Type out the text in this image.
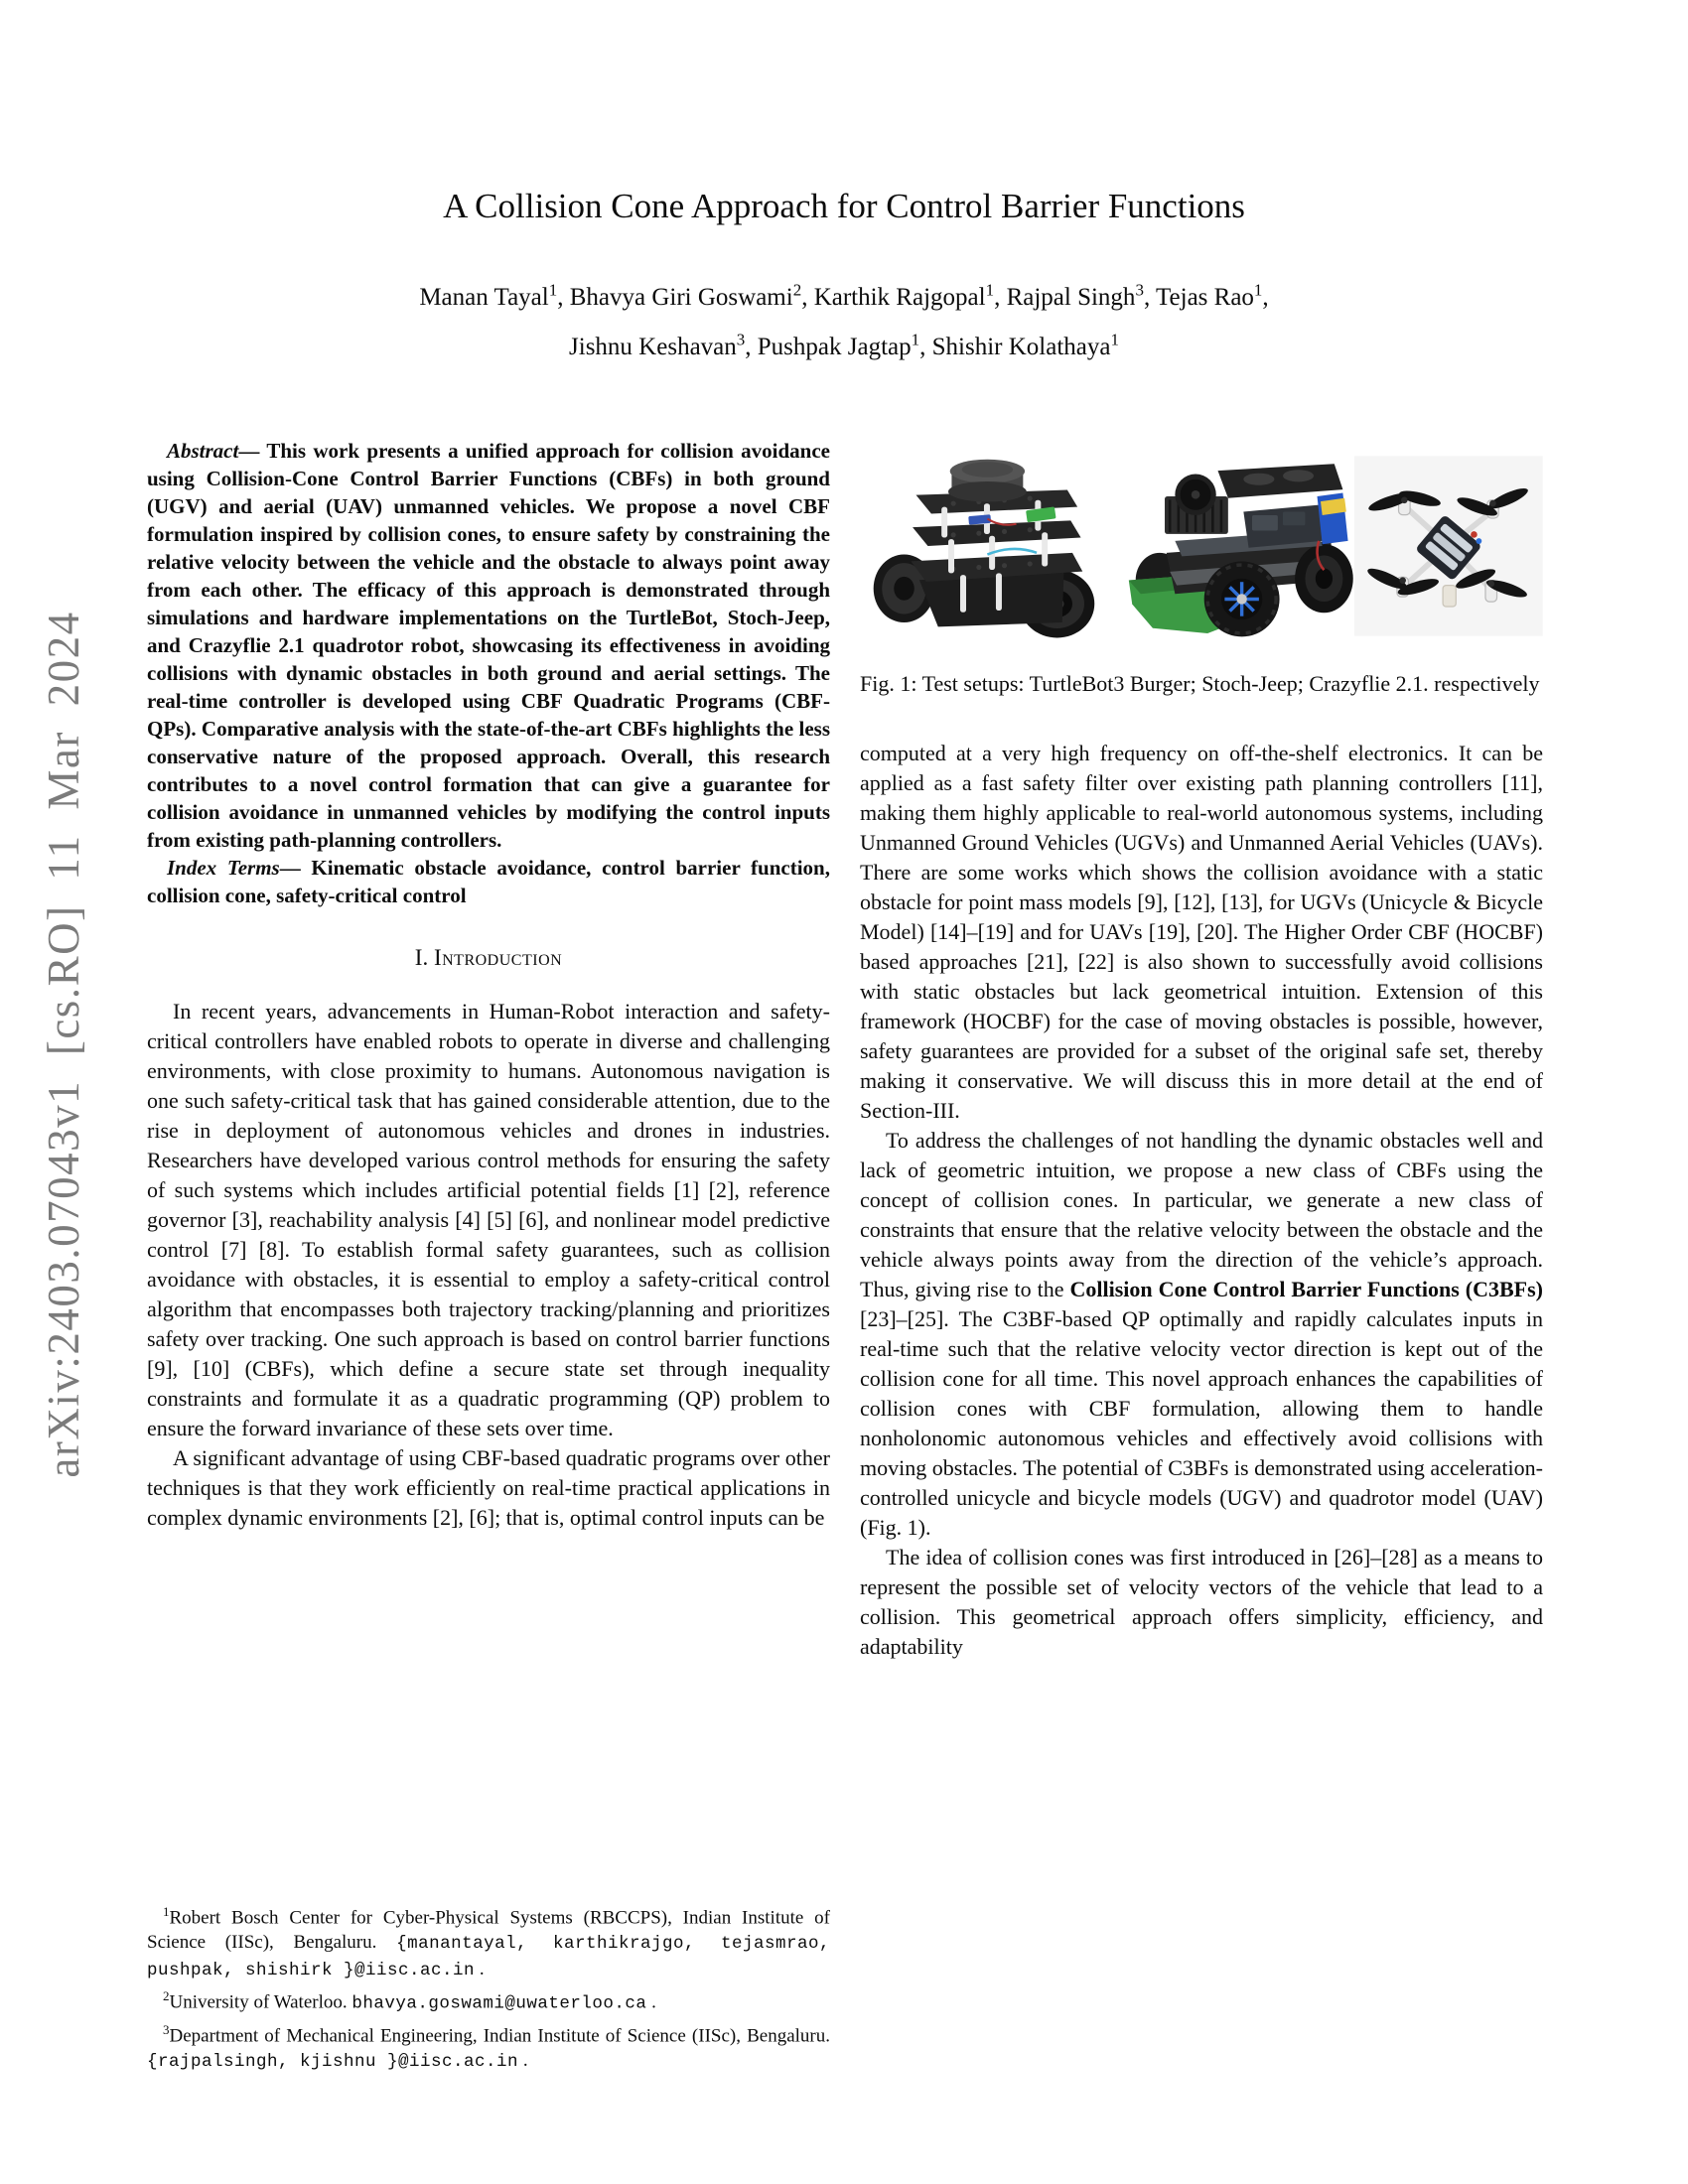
arXiv:2403.07043v1 [cs.RO] 11 Mar 2024
A Collision Cone Approach for Control Barrier Functions
Manan Tayal$^1$, Bhavya Giri Goswami$^2$, Karthik Rajgopal$^1$, Rajpal Singh$^3$, Tejas Rao$^1$,
Jishnu Keshavan$^3$, Pushpak Jagtap$^1$, Shishir Kolathaya$^1$

Abstract— This work presents a unified approach for collision avoidance using Collision-Cone Control Barrier Functions (CBFs) in both ground (UGV) and aerial (UAV) unmanned vehicles. We propose a novel CBF formulation inspired by collision cones, to ensure safety by constraining the relative velocity between the vehicle and the obstacle to always point away from each other. The efficacy of this approach is demonstrated through simulations and hardware implementations on the TurtleBot, Stoch-Jeep, and Crazyflie 2.1 quadrotor robot, showcasing its effectiveness in avoiding collisions with dynamic obstacles in both ground and aerial settings. The real-time controller is developed using CBF Quadratic Programs (CBF-QPs). Comparative analysis with the state-of-the-art CBFs highlights the less conservative nature of the proposed approach. Overall, this research contributes to a novel control formation that can give a guarantee for collision avoidance in unmanned vehicles by modifying the control inputs from existing path-planning controllers.

Index Terms— Kinematic obstacle avoidance, control barrier function, collision cone, safety-critical control

I. Introduction

In recent years, advancements in Human-Robot interaction and safety-critical controllers have enabled robots to operate in diverse and challenging environments, with close proximity to humans. Autonomous navigation is one such safety-critical task that has gained considerable attention, due to the rise in deployment of autonomous vehicles and drones in industries. Researchers have developed various control methods for ensuring the safety of such systems which includes artificial potential fields [1] [2], reference governor [3], reachability analysis [4] [5] [6], and nonlinear model predictive control [7] [8]. To establish formal safety guarantees, such as collision avoidance with obstacles, it is essential to employ a safety-critical control algorithm that encompasses both trajectory tracking/planning and prioritizes safety over tracking. One such approach is based on control barrier functions [9], [10] (CBFs), which define a secure state set through inequality constraints and formulate it as a quadratic programming (QP) problem to ensure the forward invariance of these sets over time.

A significant advantage of using CBF-based quadratic programs over other techniques is that they work efficiently on real-time practical applications in complex dynamic environments [2], [6]; that is, optimal control inputs can be

$^1$Robert Bosch Center for Cyber-Physical Systems (RBCCPS), Indian Institute of Science (IISc), Bengaluru. {manantayal, karthikrajgo, tejasmrao, pushpak, shishirk }@iisc.ac.in .

$^2$University of Waterloo. bhavya.goswami@uwaterloo.ca .

$^3$Department of Mechanical Engineering, Indian Institute of Science (IISc), Bengaluru. {rajpalsingh, kjishnu }@iisc.ac.in .

Fig. 1: Test setups: TurtleBot3 Burger; Stoch-Jeep; Crazyflie 2.1. respectively

computed at a very high frequency on off-the-shelf electronics. It can be applied as a fast safety filter over existing path planning controllers [11], making them highly applicable to real-world autonomous systems, including Unmanned Ground Vehicles (UGVs) and Unmanned Aerial Vehicles (UAVs). There are some works which shows the collision avoidance with a static obstacle for point mass models [9], [12], [13], for UGVs (Unicycle & Bicycle Model) [14]–[19] and for UAVs [19], [20]. The Higher Order CBF (HOCBF) based approaches [21], [22] is also shown to successfully avoid collisions with static obstacles but lack geometrical intuition. Extension of this framework (HOCBF) for the case of moving obstacles is possible, however, safety guarantees are provided for a subset of the original safe set, thereby making it conservative. We will discuss this in more detail at the end of Section-III.

To address the challenges of not handling the dynamic obstacles well and lack of geometric intuition, we propose a new class of CBFs using the concept of collision cones. In particular, we generate a new class of constraints that ensure that the relative velocity between the obstacle and the vehicle always points away from the direction of the vehicle’s approach. Thus, giving rise to the Collision Cone Control Barrier Functions (C3BFs) [23]–[25]. The C3BF-based QP optimally and rapidly calculates inputs in real-time such that the relative velocity vector direction is kept out of the collision cone for all time. This novel approach enhances the capabilities of collision cones with CBF formulation, allowing them to handle nonholonomic autonomous vehicles and effectively avoid collisions with moving obstacles. The potential of C3BFs is demonstrated using acceleration-controlled unicycle and bicycle models (UGV) and quadrotor model (UAV) (Fig. 1).

The idea of collision cones was first introduced in [26]–[28] as a means to represent the possible set of velocity vectors of the vehicle that lead to a collision. This geometrical approach offers simplicity, efficiency, and adaptability
